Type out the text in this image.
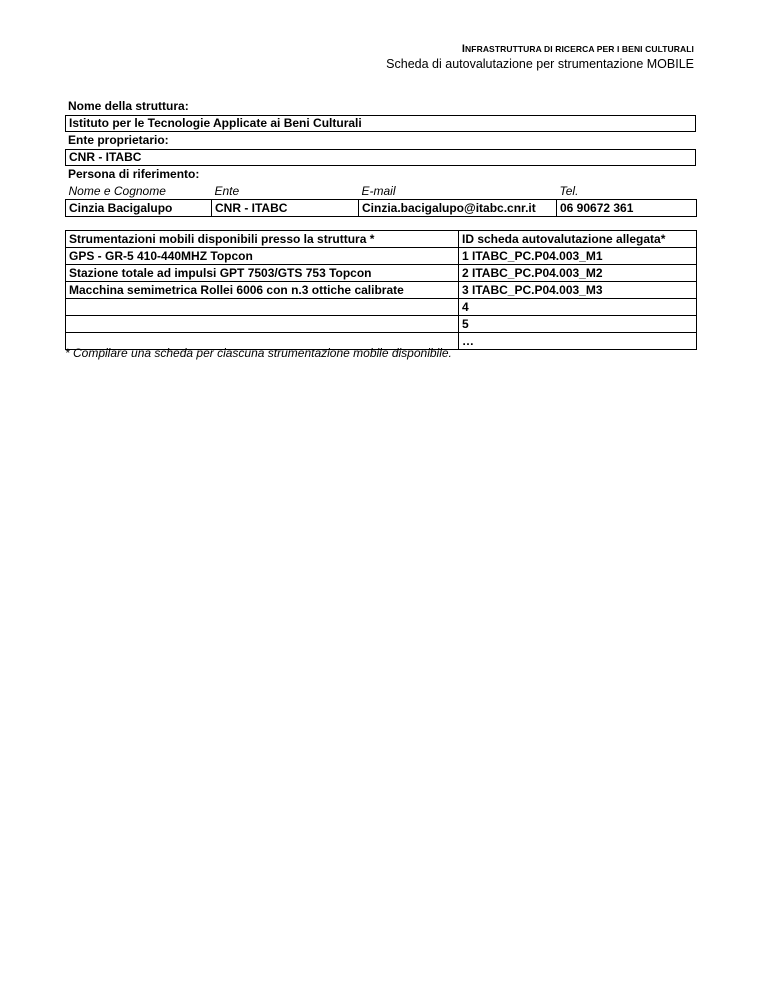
INFRASTRUTTURA DI RICERCA PER I BENI CULTURALI
Scheda di autovalutazione per strumentazione MOBILE
Nome della struttura:
Istituto per le Tecnologie Applicate ai Beni Culturali
Ente proprietario:
CNR - ITABC
Persona di riferimento:
Nome e Cognome	Ente	E-mail	Tel.
Cinzia Bacigalupo	CNR - ITABC	Cinzia.bacigalupo@itabc.cnr.it	06 90672 361
Strumentazioni mobili disponibili presso la struttura *	ID scheda autovalutazione allegata*
GPS - GR-5 410-440MHZ Topcon	1 ITABC_PC.P04.003_M1
Stazione totale ad impulsi GPT 7503/GTS 753 Topcon	2 ITABC_PC.P04.003_M2
Macchina semimetrica Rollei 6006 con n.3 ottiche calibrate	3 ITABC_PC.P04.003_M3
	4
	5
	…
* Compilare una scheda per ciascuna strumentazione mobile disponibile.
